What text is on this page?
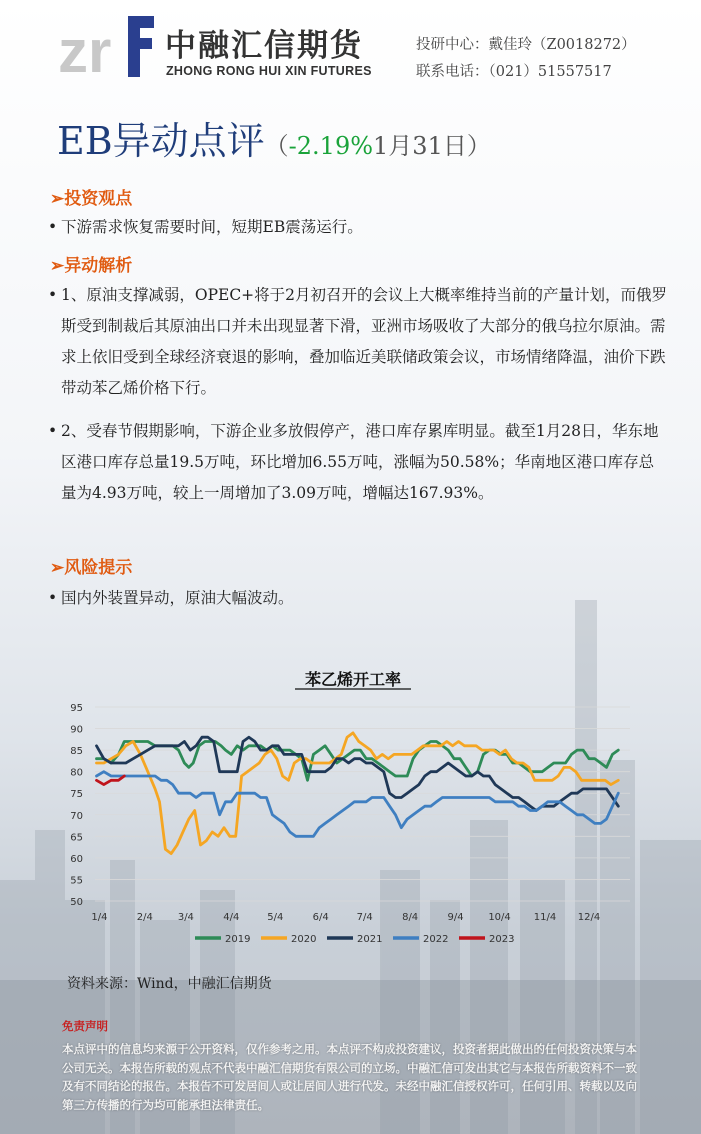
zr 中融汇信期货
ZHONG RONG HUI XIN FUTURES
投研中心：戴佳玲（Z0018272）
联系电话：（021）51557517
EB异动点评（-2.19%1月31日）
➢投资观点
• 下游需求恢复需要时间，短期EB震荡运行。
➢异动解析
• 1、原油支撑减弱，OPEC+将于2月初召开的会议上大概率维持当前的产量计划，而俄罗斯受到制裁后其原油出口并未出现显著下滑，亚洲市场吸收了大部分的俄乌拉尔原油。需求上依旧受到全球经济衰退的影响，叠加临近美联储政策会议，市场情绪降温，油价下跌带动苯乙烯价格下行。
• 2、受春节假期影响，下游企业多放假停产，港口库存累库明显。截至1月28日，华东地区港口库存总量19.5万吨，环比增加6.55万吨，涨幅为50.58%；华南地区港口库存总量为4.93万吨，较上一周增加了3.09万吨，增幅达167.93%。
➢风险提示
• 国内外装置异动，原油大幅波动。
苯乙烯开工率
50
55
60
65
70
75
80
85
90
95
1/4	2/4 3/4	4/4	5/4	6/4	7/4	8/4	9/4 10/4 11/4 12/4
2019	2020	2021	2022	2023
资料来源：Wind，中融汇信期货
免责声明
本点评中的信息均来源于公开资料，仅作参考之用。本点评不构成投资建议，投资者据此做出的任何投资决策与本公司无关。本报告所载的观点不代表中融汇信期货有限公司的立场。中融汇信可发出其它与本报告所载资料不一致及有不同结论的报告。本报告不可发居间人或让居间人进行代发。未经中融汇信授权许可，任何引用、转载以及向第三方传播的行为均可能承担法律责任。
